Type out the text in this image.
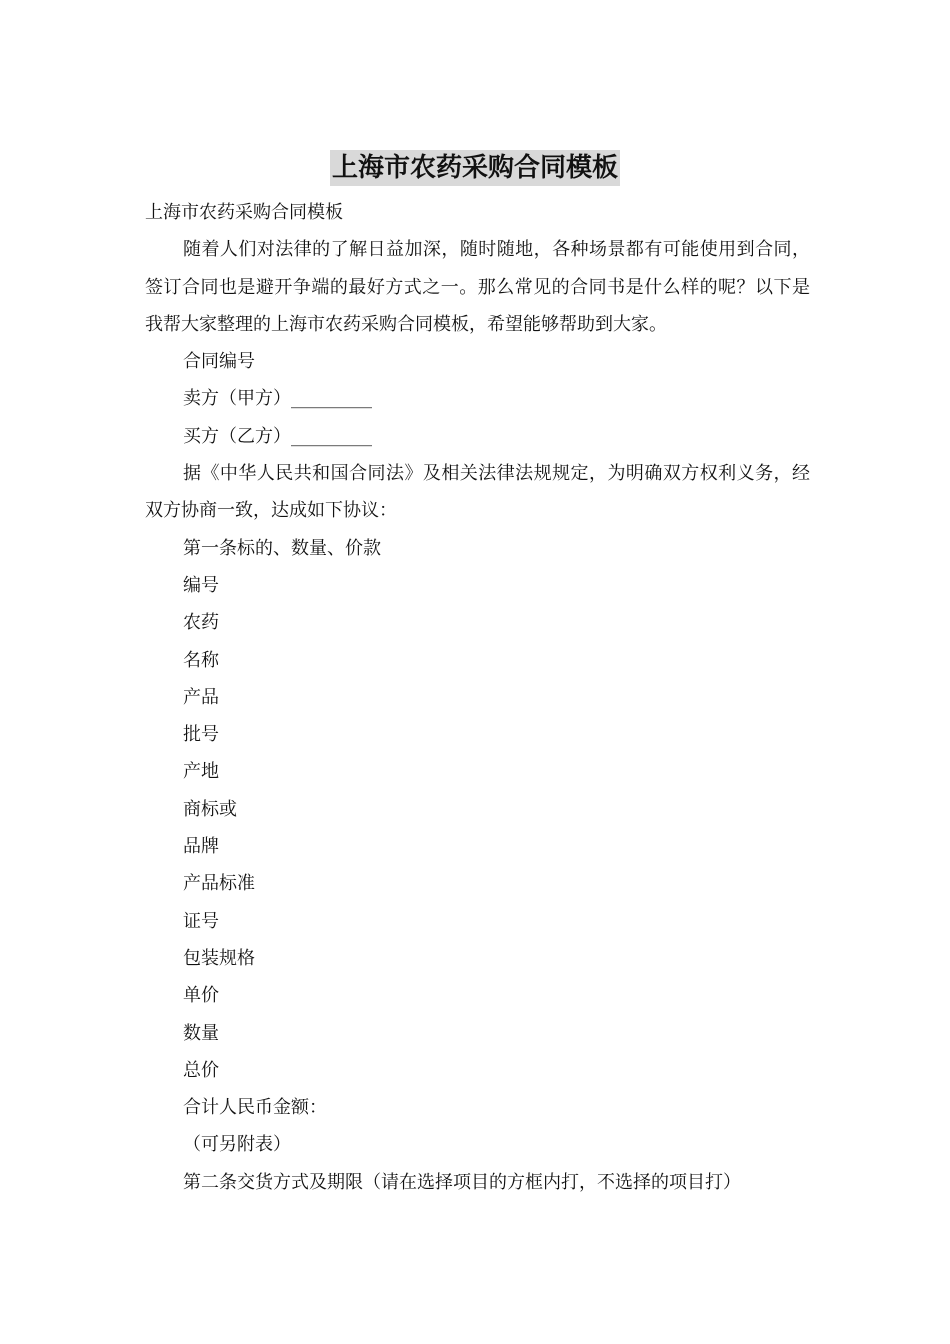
上海市农药采购合同模板

上海市农药采购合同模板

随着人们对法律的了解日益加深，随时随地，各种场景都有可能使用到合同，签订合同也是避开争端的最好方式之一。那么常见的合同书是什么样的呢？以下是我帮大家整理的上海市农药采购合同模板，希望能够帮助到大家。

合同编号

卖方（甲方）_________

买方（乙方）_________

据《中华人民共和国合同法》及相关法律法规规定，为明确双方权利义务，经双方协商一致，达成如下协议：

第一条标的、数量、价款

编号

农药

名称

产品

批号

产地

商标或

品牌

产品标准

证号

包装规格

单价

数量

总价

合计人民币金额：

（可另附表）

第二条交货方式及期限（请在选择项目的方框内打，不选择的项目打）
